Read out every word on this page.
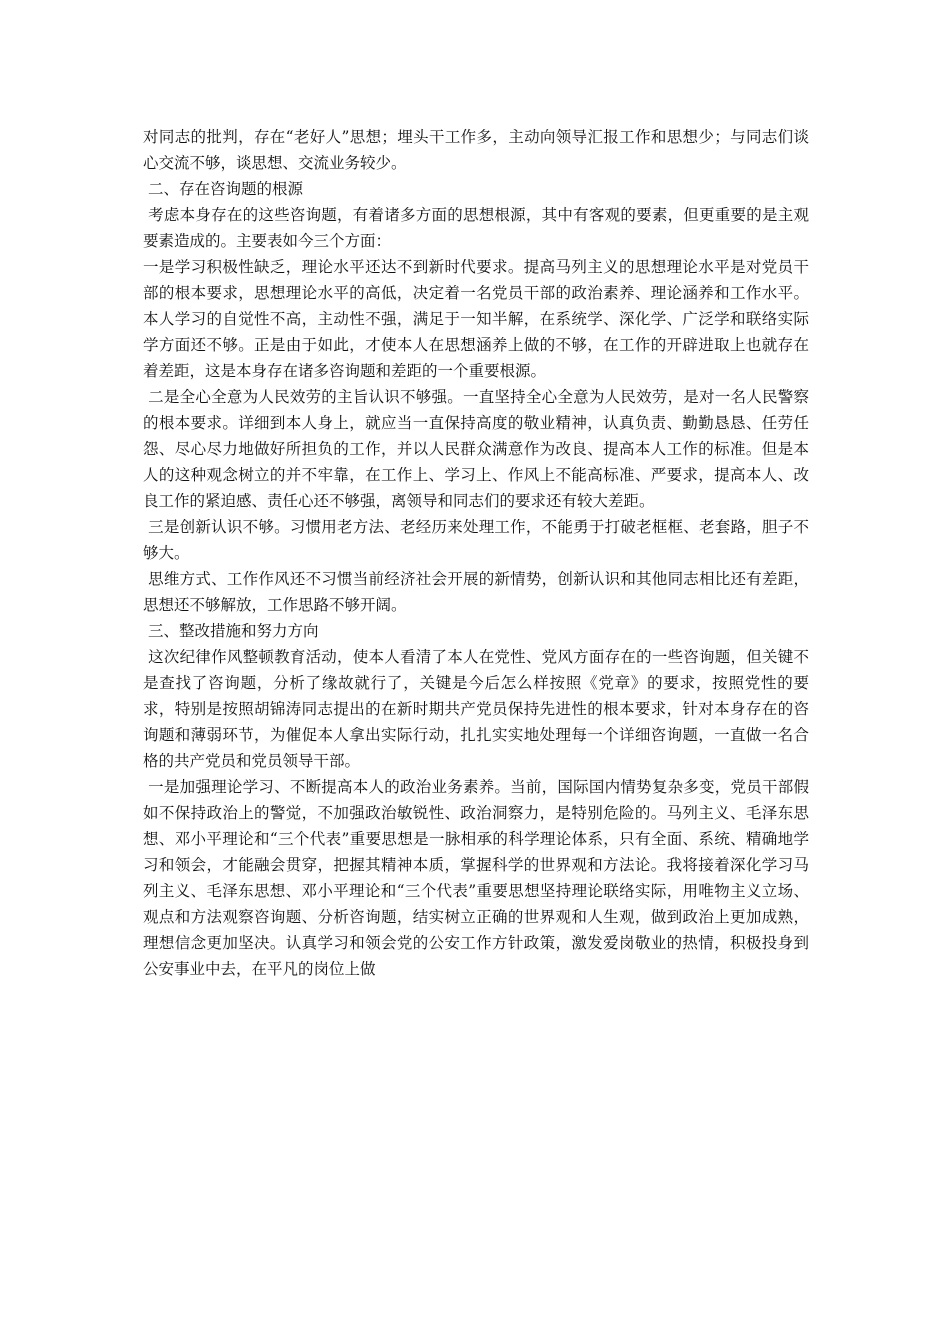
对同志的批判，存在“老好人”思想；埋头干工作多，主动向领导汇报工作和思想少；与同志们谈心交流不够，谈思想、交流业务较少。

二、存在咨询题的根源

考虑本身存在的这些咨询题，有着诸多方面的思想根源，其中有客观的要素，但更重要的是主观要素造成的。主要表如今三个方面：

一是学习积极性缺乏，理论水平还达不到新时代要求。提高马列主义的思想理论水平是对党员干部的根本要求，思想理论水平的高低，决定着一名党员干部的政治素养、理论涵养和工作水平。本人学习的自觉性不高，主动性不强，满足于一知半解，在系统学、深化学、广泛学和联络实际学方面还不够。正是由于如此，才使本人在思想涵养上做的不够，在工作的开辟进取上也就存在着差距，这是本身存在诸多咨询题和差距的一个重要根源。

二是全心全意为人民效劳的主旨认识不够强。一直坚持全心全意为人民效劳，是对一名人民警察的根本要求。详细到本人身上，就应当一直保持高度的敬业精神，认真负责、勤勤恳恳、任劳任怨、尽心尽力地做好所担负的工作，并以人民群众满意作为改良、提高本人工作的标准。但是本人的这种观念树立的并不牢靠，在工作上、学习上、作风上不能高标准、严要求，提高本人、改良工作的紧迫感、责任心还不够强，离领导和同志们的要求还有较大差距。

三是创新认识不够。习惯用老方法、老经历来处理工作，不能勇于打破老框框、老套路，胆子不够大。

思维方式、工作作风还不习惯当前经济社会开展的新情势，创新认识和其他同志相比还有差距，思想还不够解放，工作思路不够开阔。

三、整改措施和努力方向

这次纪律作风整顿教育活动，使本人看清了本人在党性、党风方面存在的一些咨询题，但关键不是查找了咨询题，分析了缘故就行了，关键是今后怎么样按照《党章》的要求，按照党性的要求，特别是按照胡锦涛同志提出的在新时期共产党员保持先进性的根本要求，针对本身存在的咨询题和薄弱环节，为催促本人拿出实际行动，扎扎实实地处理每一个详细咨询题，一直做一名合格的共产党员和党员领导干部。

一是加强理论学习、不断提高本人的政治业务素养。当前，国际国内情势复杂多变，党员干部假如不保持政治上的警觉，不加强政治敏锐性、政治洞察力，是特别危险的。马列主义、毛泽东思想、邓小平理论和“三个代表”重要思想是一脉相承的科学理论体系，只有全面、系统、精确地学习和领会，才能融会贯穿，把握其精神本质，掌握科学的世界观和方法论。我将接着深化学习马列主义、毛泽东思想、邓小平理论和“三个代表”重要思想坚持理论联络实际，用唯物主义立场、观点和方法观察咨询题、分析咨询题，结实树立正确的世界观和人生观，做到政治上更加成熟，理想信念更加坚决。认真学习和领会党的公安工作方针政策，激发爱岗敬业的热情，积极投身到公安事业中去，在平凡的岗位上做
